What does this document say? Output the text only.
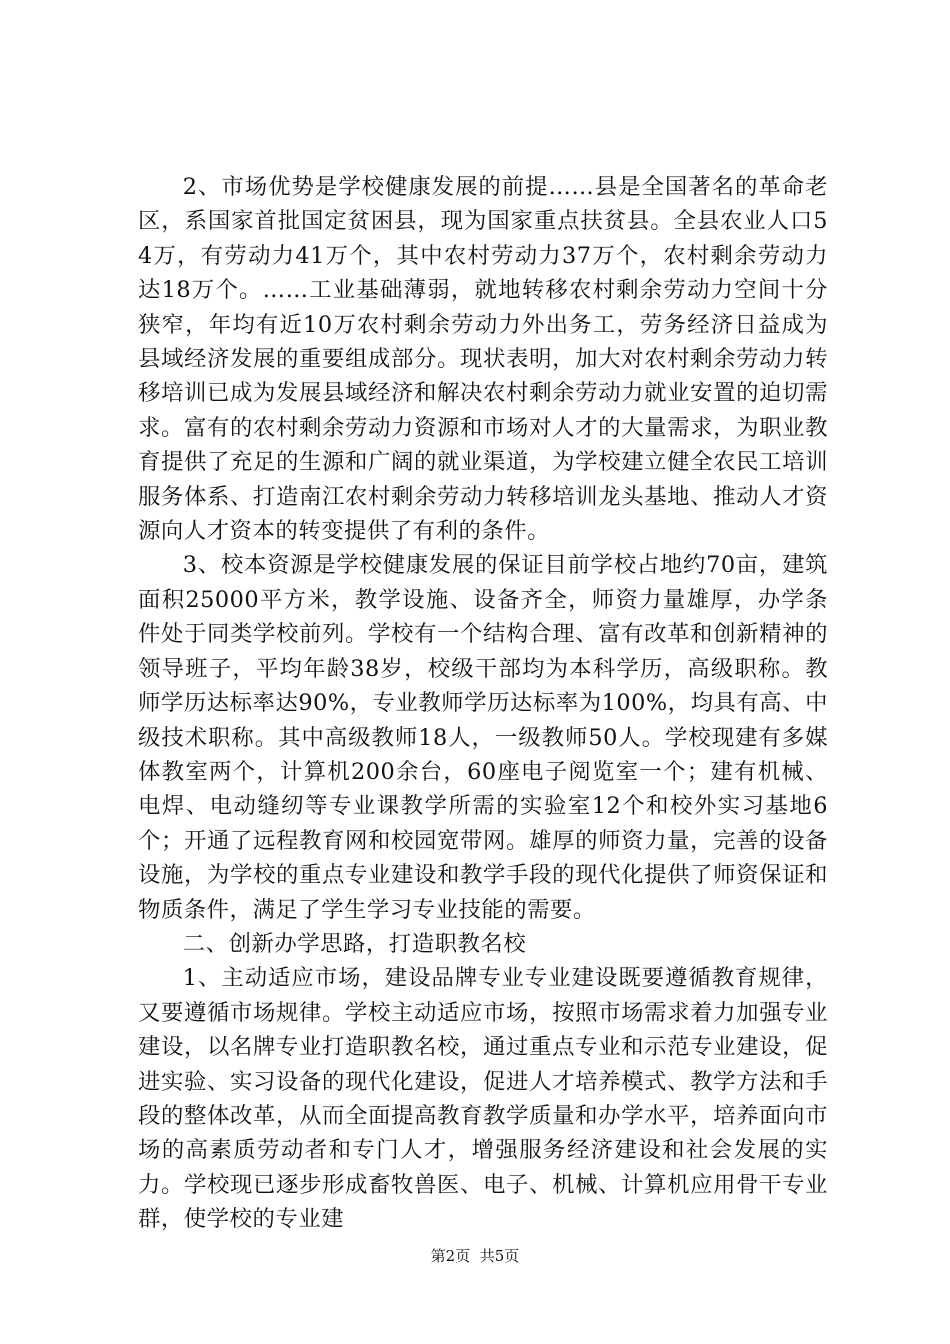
2、市场优势是学校健康发展的前提……县是全国著名的革命老区，系国家首批国定贫困县，现为国家重点扶贫县。全县农业人口54万，有劳动力41万个，其中农村劳动力37万个，农村剩余劳动力达18万个。……工业基础薄弱，就地转移农村剩余劳动力空间十分狭窄，年均有近10万农村剩余劳动力外出务工，劳务经济日益成为县域经济发展的重要组成部分。现状表明，加大对农村剩余劳动力转移培训已成为发展县域经济和解决农村剩余劳动力就业安置的迫切需求。富有的农村剩余劳动力资源和市场对人才的大量需求，为职业教育提供了充足的生源和广阔的就业渠道，为学校建立健全农民工培训服务体系、打造南江农村剩余劳动力转移培训龙头基地、推动人才资源向人才资本的转变提供了有利的条件。

3、校本资源是学校健康发展的保证目前学校占地约70亩，建筑面积25000平方米，教学设施、设备齐全，师资力量雄厚，办学条件处于同类学校前列。学校有一个结构合理、富有改革和创新精神的领导班子，平均年龄38岁，校级干部均为本科学历，高级职称。教师学历达标率达90%，专业教师学历达标率为100%，均具有高、中级技术职称。其中高级教师18人，一级教师50人。学校现建有多媒体教室两个，计算机200余台，60座电子阅览室一个；建有机械、电焊、电动缝纫等专业课教学所需的实验室12个和校外实习基地6个；开通了远程教育网和校园宽带网。雄厚的师资力量，完善的设备设施，为学校的重点专业建设和教学手段的现代化提供了师资保证和物质条件，满足了学生学习专业技能的需要。

二、创新办学思路，打造职教名校

1、主动适应市场，建设品牌专业专业建设既要遵循教育规律，又要遵循市场规律。学校主动适应市场，按照市场需求着力加强专业建设，以名牌专业打造职教名校，通过重点专业和示范专业建设，促进实验、实习设备的现代化建设，促进人才培养模式、教学方法和手段的整体改革，从而全面提高教育教学质量和办学水平，培养面向市场的高素质劳动者和专门人才，增强服务经济建设和社会发展的实力。学校现已逐步形成畜牧兽医、电子、机械、计算机应用骨干专业群，使学校的专业建

第2页 共5页
